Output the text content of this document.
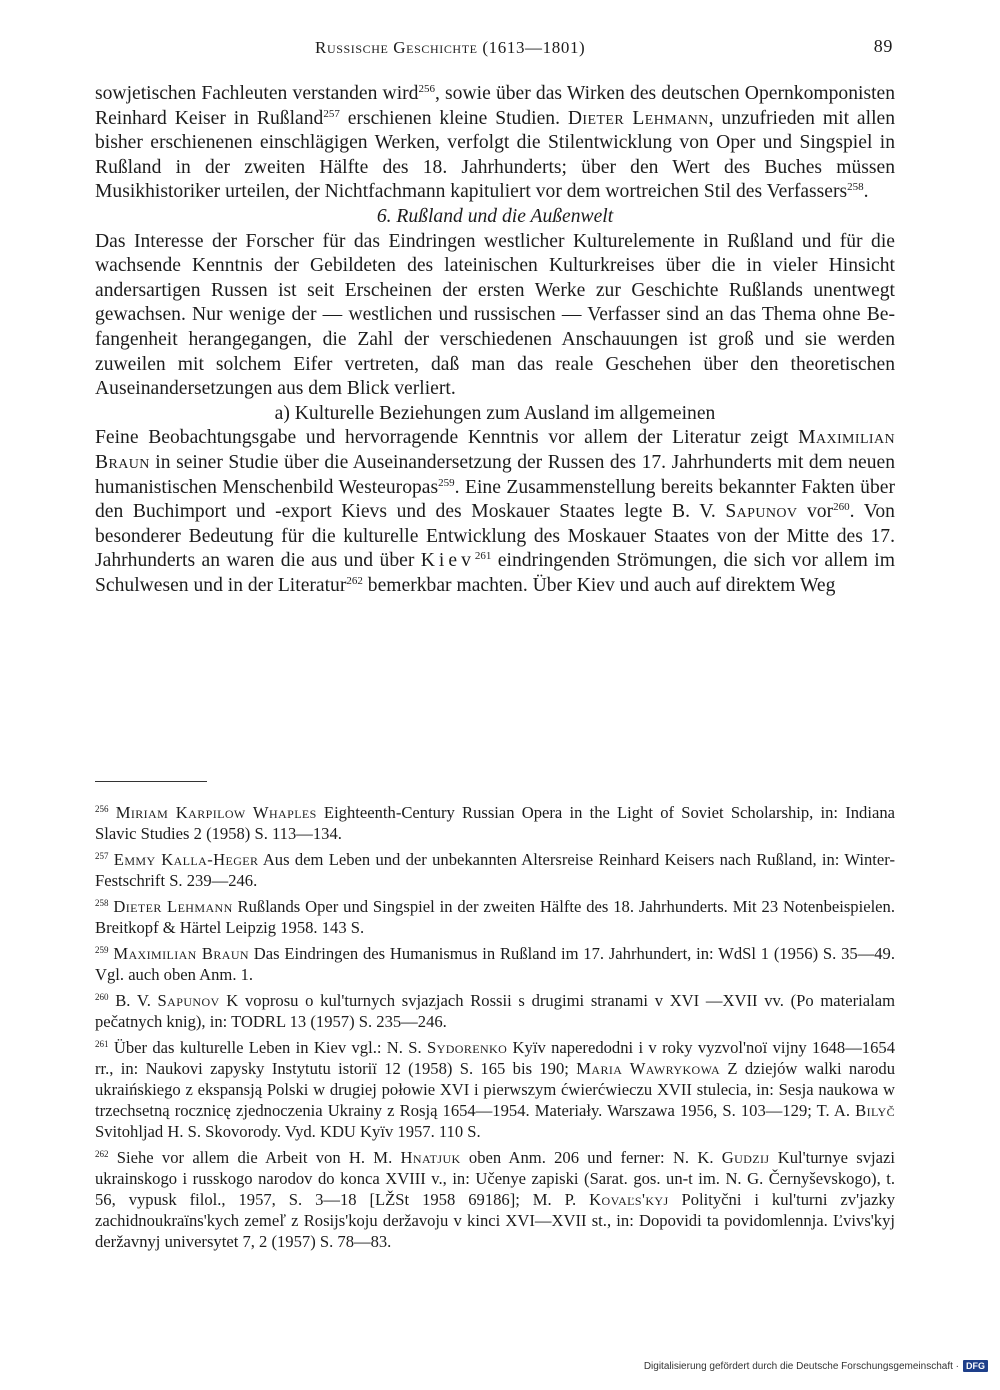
Russische Geschichte (1613—1801)	89

sowjetischen Fachleuten verstanden wird$^{256}$, sowie über das Wirken des deutschen Opernkomponisten Reinhard Keiser in Rußland$^{257}$ erschienen kleine Studien. Dieter Lehmann, unzufrieden mit allen bisher erschienenen einschlägigen Werken, verfolgt die Stilentwicklung von Oper und Singspiel in Rußland in der zweiten Hälfte des 18. Jahrhunderts; über den Wert des Buches müssen Musikhistoriker urteilen, der Nichtfachmann kapituliert vor dem wortreichen Stil des Verfassers$^{258}$.

6. Rußland und die Außenwelt

Das Interesse der Forscher für das Eindringen westlicher Kulturelemente in Rußland und für die wachsende Kenntnis der Gebildeten des lateinischen Kulturkreises über die in vieler Hinsicht andersartigen Russen ist seit Erscheinen der ersten Werke zur Geschichte Rußlands unentwegt gewachsen. Nur wenige der — westlichen und russischen — Verfasser sind an das Thema ohne Befangenheit herangegangen, die Zahl der verschiedenen Anschauungen ist groß und sie werden zuweilen mit solchem Eifer vertreten, daß man das reale Geschehen über den theoretischen Auseinandersetzungen aus dem Blick verliert.

a) Kulturelle Beziehungen zum Ausland im allgemeinen

Feine Beobachtungsgabe und hervorragende Kenntnis vor allem der Literatur zeigt Maximilian Braun in seiner Studie über die Auseinandersetzung der Russen des 17. Jahrhunderts mit dem neuen humanistischen Menschenbild Westeuropas$^{259}$. Eine Zusammenstellung bereits bekannter Fakten über den Buchimport und -export Kievs und des Moskauer Staates legte B. V. Sapunov vor$^{260}$. Von besonderer Bedeutung für die kulturelle Entwicklung des Moskauer Staates von der Mitte des 17. Jahrhunderts an waren die aus und über Kiev$^{261}$ eindringenden Strömungen, die sich vor allem im Schulwesen und in der Literatur$^{262}$ bemerkbar machten. Über Kiev und auch auf direktem Weg

$^{256}$ Miriam Karpilow Whaples Eighteenth-Century Russian Opera in the Light of Soviet Scholarship, in: Indiana Slavic Studies 2 (1958) S. 113—134.

$^{257}$ Emmy Kalla-Heger Aus dem Leben und der unbekannten Altersreise Reinhard Keisers nach Rußland, in: Winter-Festschrift S. 239—246.

$^{258}$ Dieter Lehmann Rußlands Oper und Singspiel in der zweiten Hälfte des 18. Jahrhunderts. Mit 23 Notenbeispielen. Breitkopf & Härtel Leipzig 1958. 143 S.

$^{259}$ Maximilian Braun Das Eindringen des Humanismus in Rußland im 17. Jahrhundert, in: WdSl 1 (1956) S. 35—49. Vgl. auch oben Anm. 1.

$^{260}$ B. V. Sapunov K voprosu o kul'turnych svjazjach Rossii s drugimi stranami v XVI —XVII vv. (Po materialam pečatnych knig), in: TODRL 13 (1957) S. 235—246.

$^{261}$ Über das kulturelle Leben in Kiev vgl.: N. S. Sydorenko Kyïv naperedodni i v roky vyzvol'noï vijny 1648—1654 rr., in: Naukovi zapysky Instytutu istoriï 12 (1958) S. 165 bis 190; Maria Wawrykowa Z dziejów walki narodu ukraińskiego z ekspansją Polski w drugiej połowie XVI i pierwszym ćwierćwieczu XVII stulecia, in: Sesja naukowa w trzechsetną rocznicę zjednoczenia Ukrainy z Rosją 1654—1954. Materiały. Warszawa 1956, S. 103—129; T. A. Bilyč Svitohljad H. S. Skovorody. Vyd. KDU Kyïv 1957. 110 S.

$^{262}$ Siehe vor allem die Arbeit von H. M. Hnatjuk oben Anm. 206 und ferner: N. K. Gudzij Kul'turnye svjazi ukrainskogo i russkogo narodov do konca XVIII v., in: Učenye zapiski (Sarat. gos. un-t im. N. G. Černyševskogo), t. 56, vypusk filol., 1957, S. 3—18 [LŽSt 1958 69186]; M. P. Kovaľs'kyj Polityčni i kul'turni zv'jazky zachidnoukraïns'kych zemeľ z Rosijs'koju deržavoju v kinci XVI—XVII st., in: Dopovidi ta povidomlennja. Ľvivs'kyj deržavnyj universytet 7, 2 (1957) S. 78—83.

Digitalisierung gefördert durch die Deutsche Forschungsgemeinschaft · DFG
